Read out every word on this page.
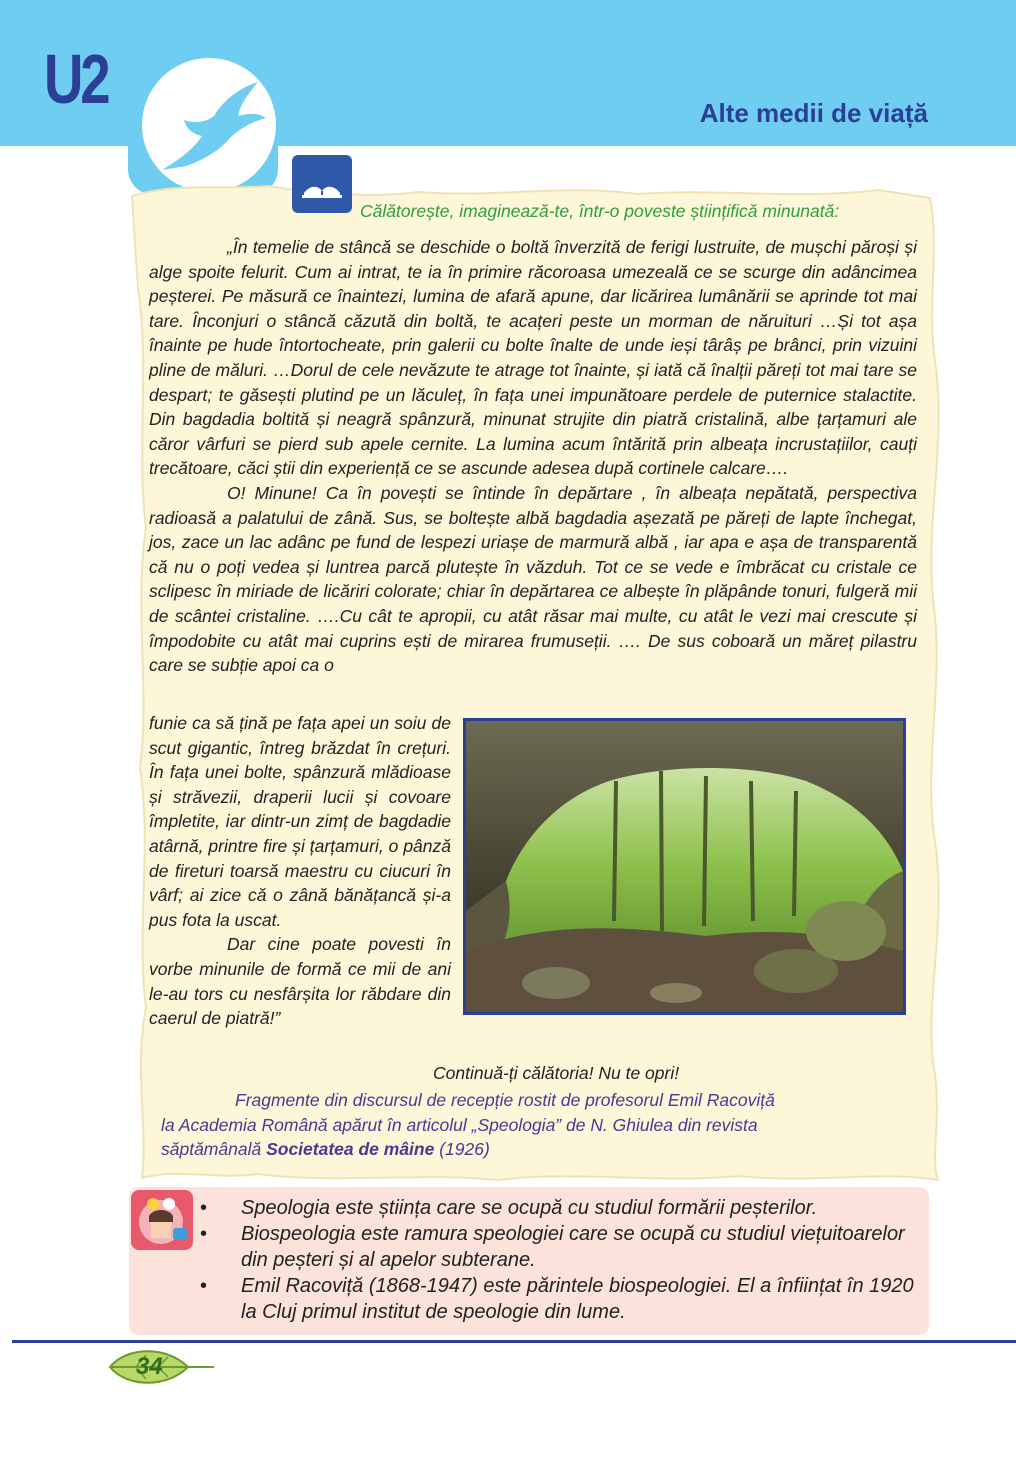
U2	Alte medii de viață
Călătorește, imaginează-te, într-o poveste științifică minunată:

„În temelie de stâncă se deschide o boltă înverzită de ferigi lustruite, de mușchi păroși și alge spoite felurit. Cum ai intrat, te ia în primire răcoroasa umezeală ce se scurge din adâncimea peșterei. Pe măsură ce înaintezi, lumina de afară apune, dar licărirea lumânării se aprinde tot mai tare. Înconjuri o stâncă căzută din boltă, te acațeri peste un morman de năruituri …Și tot așa înainte pe hude întortocheate, prin galerii cu bolte înalte de unde ieși târâș pe brânci, prin vizuini pline de măluri. …Dorul de cele nevăzute te atrage tot înainte, și iată că înalții păreți tot mai tare se despart; te găsești plutind pe un lăculeț, în fața unei impunătoare perdele de puternice stalactite. Din bagdadia boltită și neagră spânzură, minunat strujite din piatră cristalină, albe țarțamuri ale căror vârfuri se pierd sub apele cernite. La lumina acum întărită prin albeața incrustațiilor, cauți trecătoare, căci știi din experiență ce se ascunde adesea după cortinele calcare….

O! Minune! Ca în povești se întinde în depărtare , în albeața nepătată, perspectiva radioasă a palatului de zână. Sus, se boltește albă bagdadia așezată pe păreți de lapte închegat, jos, zace un lac adânc pe fund de lespezi uriașe de marmură albă , iar apa e așa de transparentă că nu o poți vedea și luntrea parcă plutește în văzduh. Tot ce se vede e îmbrăcat cu cristale ce sclipesc în miriade de licăriri colorate; chiar în depărtarea ce albește în plăpânde tonuri, fulgeră mii de scântei cristaline. ….Cu cât te apropii, cu atât răsar mai multe, cu atât le vezi mai crescute și împodobite cu atât mai cuprins ești de mirarea frumuseții. …. De sus coboară un măreț pilastru care se subție apoi ca o

funie ca să țină pe fața apei un soiu de scut gigantic, întreg brăzdat în crețuri. În fața unei bolte, spânzură mlădioase și străvezii, draperii lucii și covoare împletite, iar dintr-un zimț de bagdadie atârnă, printre fire și țarțamuri, o pânză de fireturi toarsă maestru cu ciucuri în vârf; ai zice că o zână bănățancă și-a pus fota la uscat.

Dar cine poate povesti în vorbe minunile de formă ce mii de ani le-au tors cu nesfârșita lor răbdare din caerul de piatră!”

Continuă-ți călătoria! Nu te opri!
Fragmente din discursul de recepție rostit de profesorul Emil Racoviță
la Academia Română apărut în articolul „Speologia” de N. Ghiulea din revista
săptămânală Societatea de mâine (1926)
• Speologia este știința care se ocupă cu studiul formării peșterilor.
• Biospeologia este ramura speologiei care se ocupă cu studiul viețuitoarelor din peșteri și al apelor subterane.
• Emil Racoviță (1868-1947) este părintele biospeologiei. El a înființat în 1920 la Cluj primul institut de speologie din lume.
34
